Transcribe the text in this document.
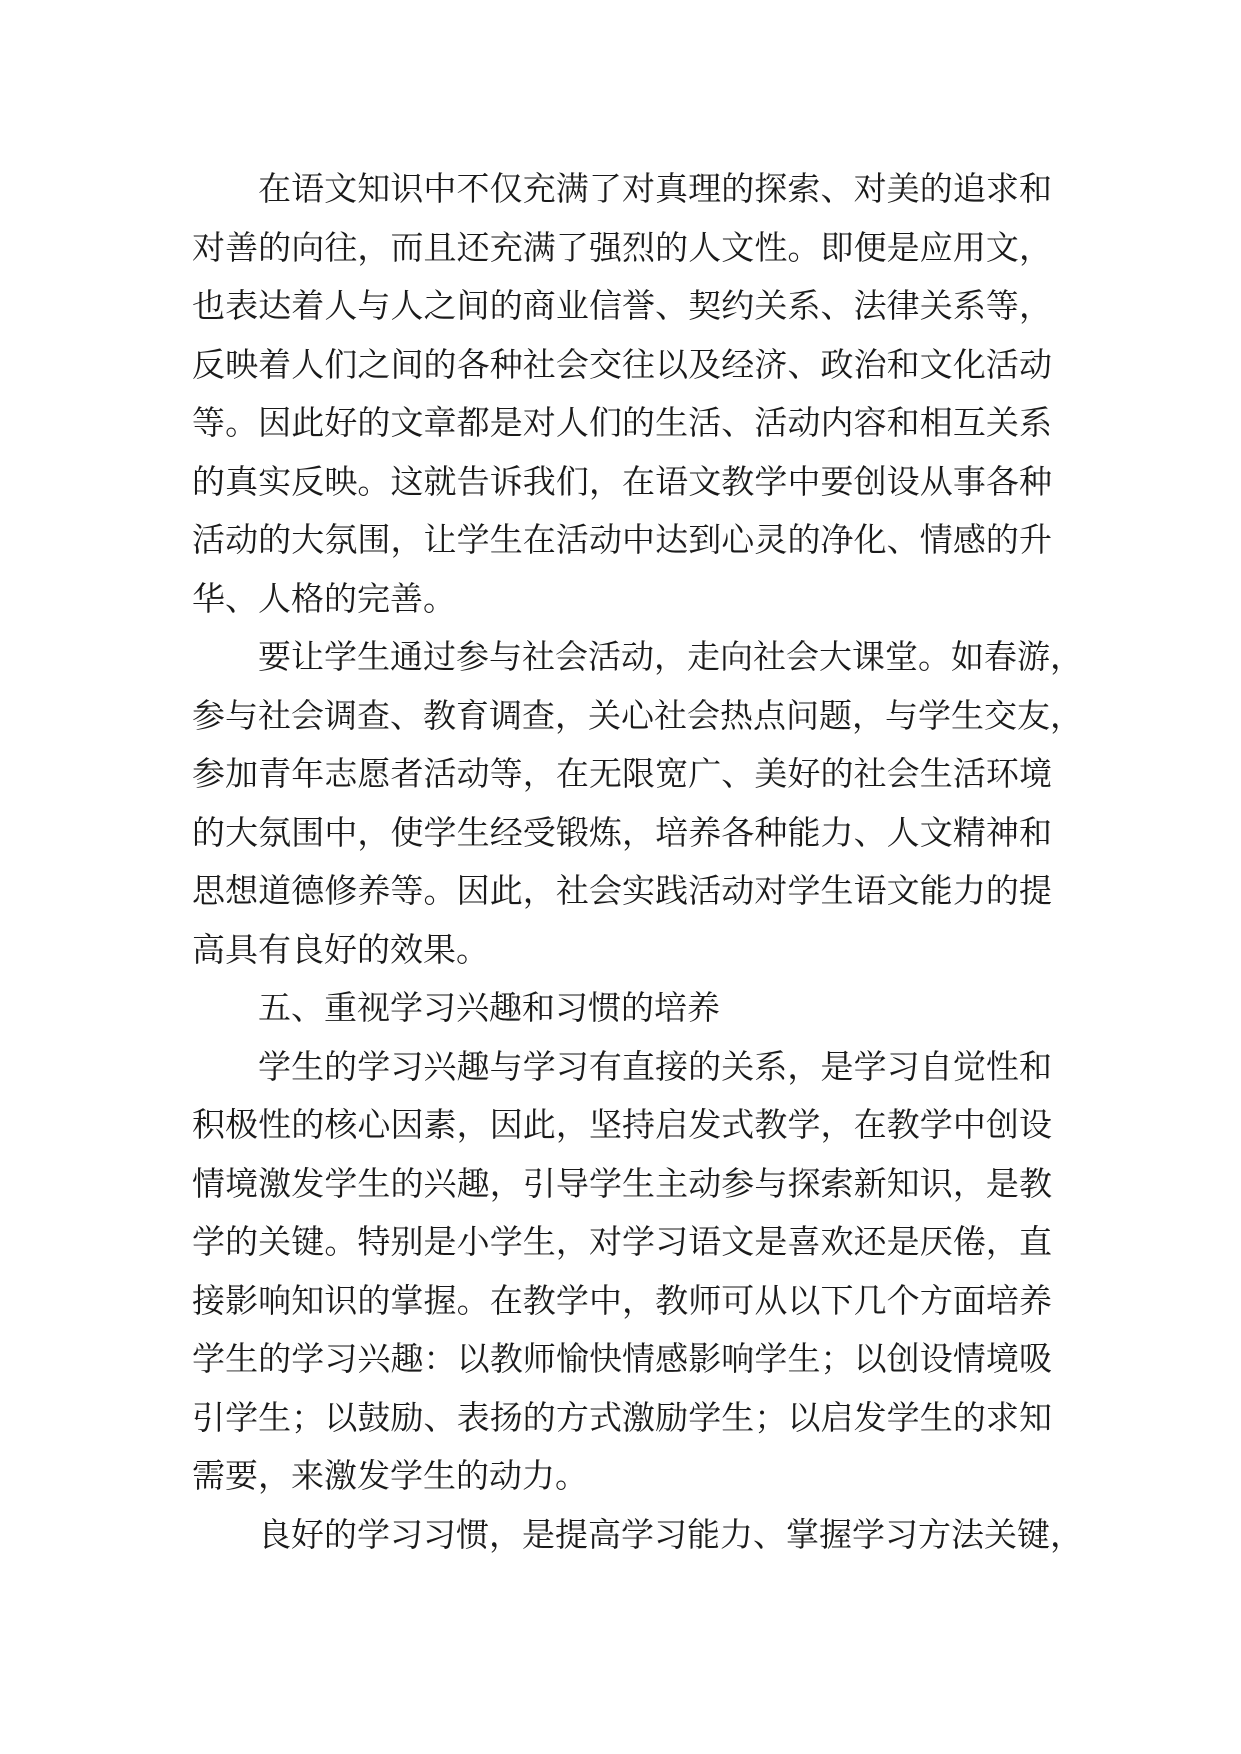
在语文知识中不仅充满了对真理的探索、对美的追求和
对善的向往，而且还充满了强烈的人文性。即便是应用文，
也表达着人与人之间的商业信誉、契约关系、法律关系等，
反映着人们之间的各种社会交往以及经济、政治和文化活动
等。因此好的文章都是对人们的生活、活动内容和相互关系
的真实反映。这就告诉我们，在语文教学中要创设从事各种
活动的大氛围，让学生在活动中达到心灵的净化、情感的升
华、人格的完善。
要让学生通过参与社会活动，走向社会大课堂。如春游，
参与社会调查、教育调查，关心社会热点问题，与学生交友，
参加青年志愿者活动等，在无限宽广、美好的社会生活环境
的大氛围中，使学生经受锻炼，培养各种能力、人文精神和
思想道德修养等。因此，社会实践活动对学生语文能力的提
高具有良好的效果。
五、重视学习兴趣和习惯的培养
学生的学习兴趣与学习有直接的关系，是学习自觉性和
积极性的核心因素，因此，坚持启发式教学，在教学中创设
情境激发学生的兴趣，引导学生主动参与探索新知识，是教
学的关键。特别是小学生，对学习语文是喜欢还是厌倦，直
接影响知识的掌握。在教学中，教师可从以下几个方面培养
学生的学习兴趣：以教师愉快情感影响学生；以创设情境吸
引学生；以鼓励、表扬的方式激励学生；以启发学生的求知
需要，来激发学生的动力。
良好的学习习惯，是提高学习能力、掌握学习方法关键，
